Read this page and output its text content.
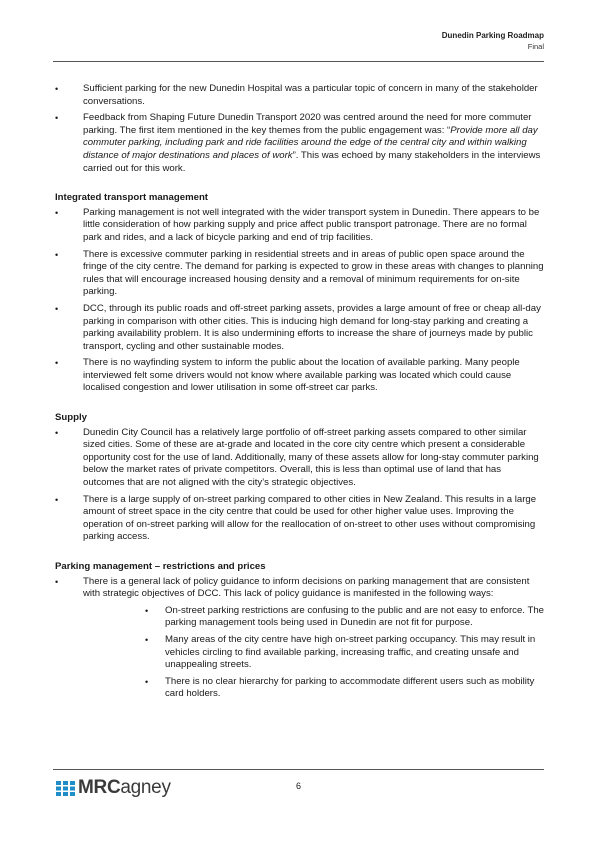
Dunedin Parking Roadmap
Final
• Sufficient parking for the new Dunedin Hospital was a particular topic of concern in many of the stakeholder conversations.
• Feedback from Shaping Future Dunedin Transport 2020 was centred around the need for more commuter parking. The first item mentioned in the key themes from the public engagement was: “Provide more all day commuter parking, including park and ride facilities around the edge of the central city and within walking distance of major destinations and places of work”. This was echoed by many stakeholders in the interviews carried out for this work.
Integrated transport management
• Parking management is not well integrated with the wider transport system in Dunedin. There appears to be little consideration of how parking supply and price affect public transport patronage. There are no formal park and rides, and a lack of bicycle parking and end of trip facilities.
• There is excessive commuter parking in residential streets and in areas of public open space around the fringe of the city centre. The demand for parking is expected to grow in these areas with changes to planning rules that will encourage increased housing density and a removal of minimum requirements for on-site parking.
• DCC, through its public roads and off-street parking assets, provides a large amount of free or cheap all-day parking in comparison with other cities. This is inducing high demand for long-stay parking and creating a parking availability problem. It is also undermining efforts to increase the share of journeys made by public transport, cycling and other sustainable modes.
• There is no wayfinding system to inform the public about the location of available parking. Many people interviewed felt some drivers would not know where available parking was located which could cause localised congestion and lower utilisation in some off-street car parks.
Supply
• Dunedin City Council has a relatively large portfolio of off-street parking assets compared to other similar sized cities. Some of these are at-grade and located in the core city centre which present a considerable opportunity cost for the use of land. Additionally, many of these assets allow for long-stay commuter parking below the market rates of private competitors. Overall, this is less than optimal use of land that has outcomes that are not aligned with the city’s strategic objectives.
• There is a large supply of on-street parking compared to other cities in New Zealand. This results in a large amount of street space in the city centre that could be used for other higher value uses. Improving the operation of on-street parking will allow for the reallocation of on-street to other uses without compromising parking access.
Parking management – restrictions and prices
• There is a general lack of policy guidance to inform decisions on parking management that are consistent with strategic objectives of DCC. This lack of policy guidance is manifested in the following ways:
• On-street parking restrictions are confusing to the public and are not easy to enforce. The parking management tools being used in Dunedin are not fit for purpose.
• Many areas of the city centre have high on-street parking occupancy. This may result in vehicles circling to find available parking, increasing traffic, and creating unsafe and unappealing streets.
• There is no clear hierarchy for parking to accommodate different users such as mobility card holders.
MRCagney	6
